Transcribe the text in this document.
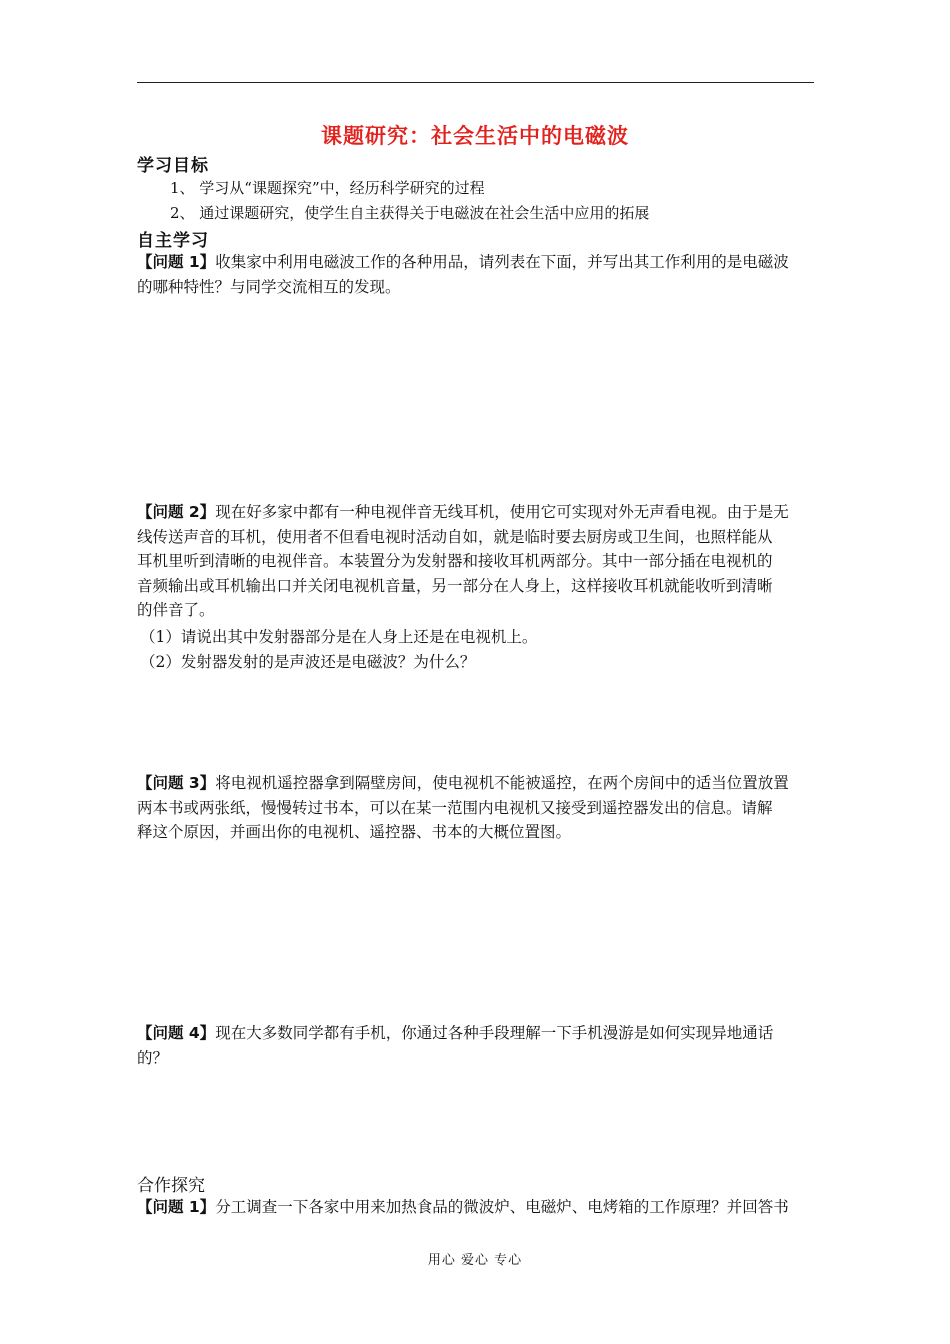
课题研究：社会生活中的电磁波
学习目标
1、 学习从“课题探究”中，经历科学研究的过程
2、 通过课题研究，使学生自主获得关于电磁波在社会生活中应用的拓展
自主学习
【问题 1】收集家中利用电磁波工作的各种用品，请列表在下面，并写出其工作利用的是电磁波
的哪种特性？与同学交流相互的发现。
【问题 2】现在好多家中都有一种电视伴音无线耳机，使用它可实现对外无声看电视。由于是无
线传送声音的耳机，使用者不但看电视时活动自如，就是临时要去厨房或卫生间，也照样能从
耳机里听到清晰的电视伴音。本装置分为发射器和接收耳机两部分。其中一部分插在电视机的
音频输出或耳机输出口并关闭电视机音量，另一部分在人身上，这样接收耳机就能收听到清晰
的伴音了。
（1）请说出其中发射器部分是在人身上还是在电视机上。
（2）发射器发射的是声波还是电磁波？为什么？
【问题 3】将电视机遥控器拿到隔壁房间，使电视机不能被遥控，在两个房间中的适当位置放置
两本书或两张纸，慢慢转过书本，可以在某一范围内电视机又接受到遥控器发出的信息。请解
释这个原因，并画出你的电视机、遥控器、书本的大概位置图。
【问题 4】现在大多数同学都有手机，你通过各种手段理解一下手机漫游是如何实现异地通话
的？
合作探究
【问题 1】分工调查一下各家中用来加热食品的微波炉、电磁炉、电烤箱的工作原理？并回答书
用心 爱心 专心
